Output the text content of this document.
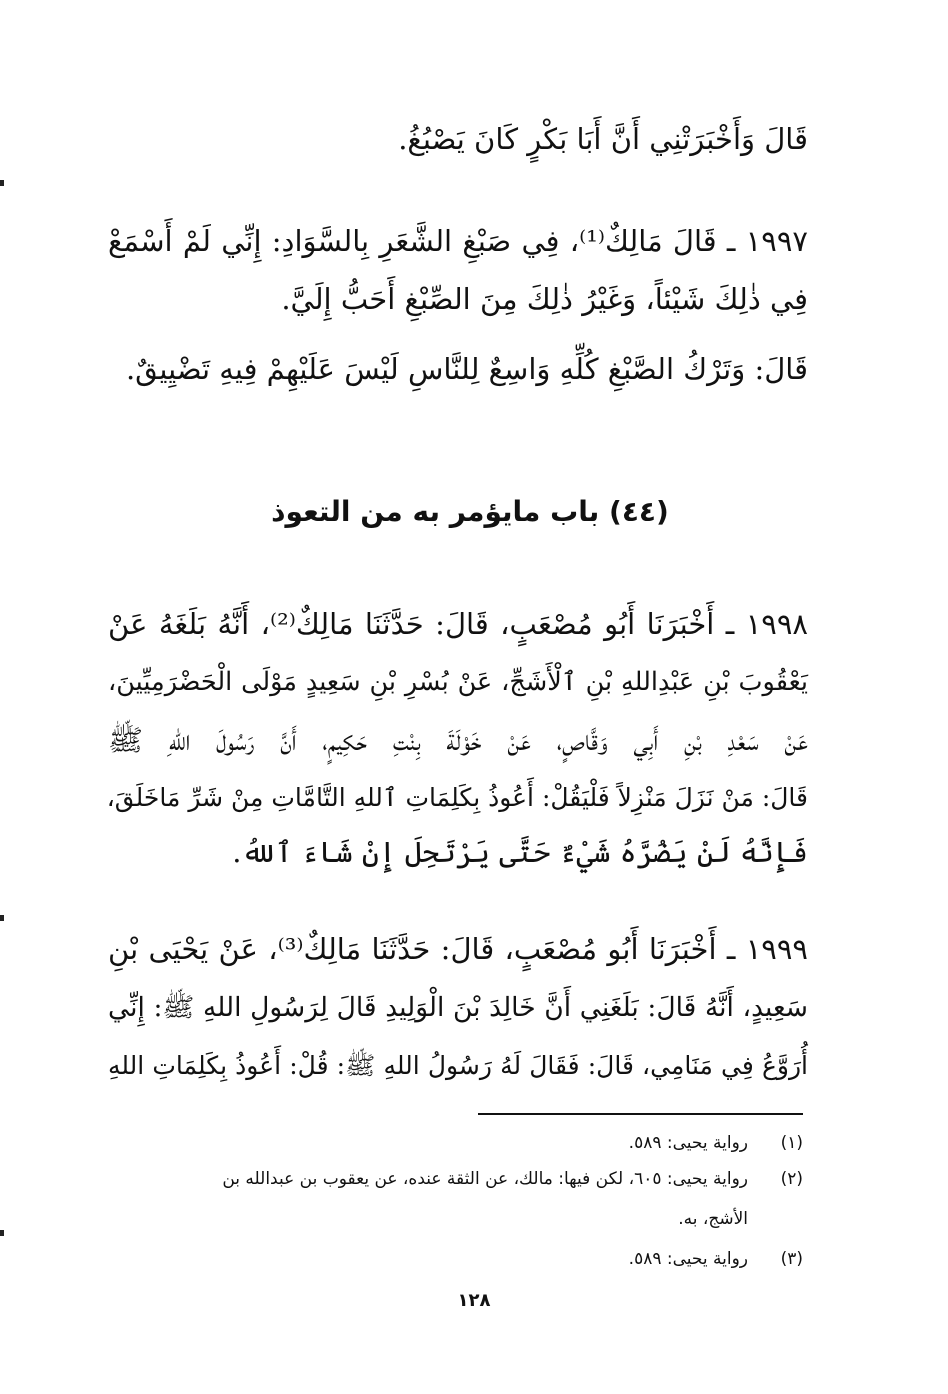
قَالَ وَأَخْبَرَتْنِي أَنَّ أَبَا بَكْرٍ كَانَ يَصْبُغُ.
١٩٩٧ ـ قَالَ مَالِكٌ⁽¹⁾، فِي صَبْغِ الشَّعَرِ بِالسَّوَادِ: إِنِّي لَمْ أَسْمَعْ
فِي ذٰلِكَ شَيْئاً، وَغَيْرُ ذٰلِكَ مِنَ الصِّبْغِ أَحَبُّ إِلَيَّ.
قَالَ: وَتَرْكُ الصَّبْغِ كُلِّهِ وَاسِعٌ لِلنَّاسِ لَيْسَ عَلَيْهِمْ فِيهِ تَضْيِيقٌ.
(٤٤) باب مايؤمر به من التعوذ
١٩٩٨ ـ أَخْبَرَنَا أَبُو مُصْعَبٍ، قَالَ: حَدَّثَنَا مَالِكٌ⁽²⁾، أَنَّهُ بَلَغَهُ عَنْ
يَعْقُوبَ بْنِ عَبْدِاللهِ بْنِ ٱلْأَشَجِّ، عَنْ بُسْرِ بْنِ سَعِيدٍ مَوْلَى الْحَضْرَمِيِّينَ،
عَنْ سَعْدِ بْنِ أَبِي وَقَّاصٍ، عَنْ خَوْلَةَ بِنْتِ حَكِيمٍ، أَنَّ رَسُولَ اللهِ ﷺ
قَالَ: مَنْ نَزَلَ مَنْزِلاً فَلْيَقُلْ: أَعُوذُ بِكَلِمَاتِ ٱللهِ التَّامَّاتِ مِنْ شَرِّ مَاخَلَقَ،
فَإِنَّهُ لَنْ يَضُرَّهُ شَيْءٌ حَتَّى يَرْتَحِلَ إِنْ شَاءَ ٱللهُ.
١٩٩٩ ـ أَخْبَرَنَا أَبُو مُصْعَبٍ، قَالَ: حَدَّثَنَا مَالِكٌ⁽³⁾، عَنْ يَحْيَى بْنِ
سَعِيدٍ، أَنَّهُ قَالَ: بَلَغَنِي أَنَّ خَالِدَ بْنَ الْوَلِيدِ قَالَ لِرَسُولِ اللهِ ﷺ: إِنِّي
أُرَوَّعُ فِي مَنَامِي، قَالَ: فَقَالَ لَهُ رَسُولُ اللهِ ﷺ: قُلْ: أَعُوذُ بِكَلِمَاتِ اللهِ
(١)
رواية يحيى: ٥٨٩.
(٢)
رواية يحيى: ٦٠٥، لكن فيها: مالك، عن الثقة عنده، عن يعقوب بن عبدالله بن
الأشج، به.
(٣)
رواية يحيى: ٥٨٩.
١٢٨
